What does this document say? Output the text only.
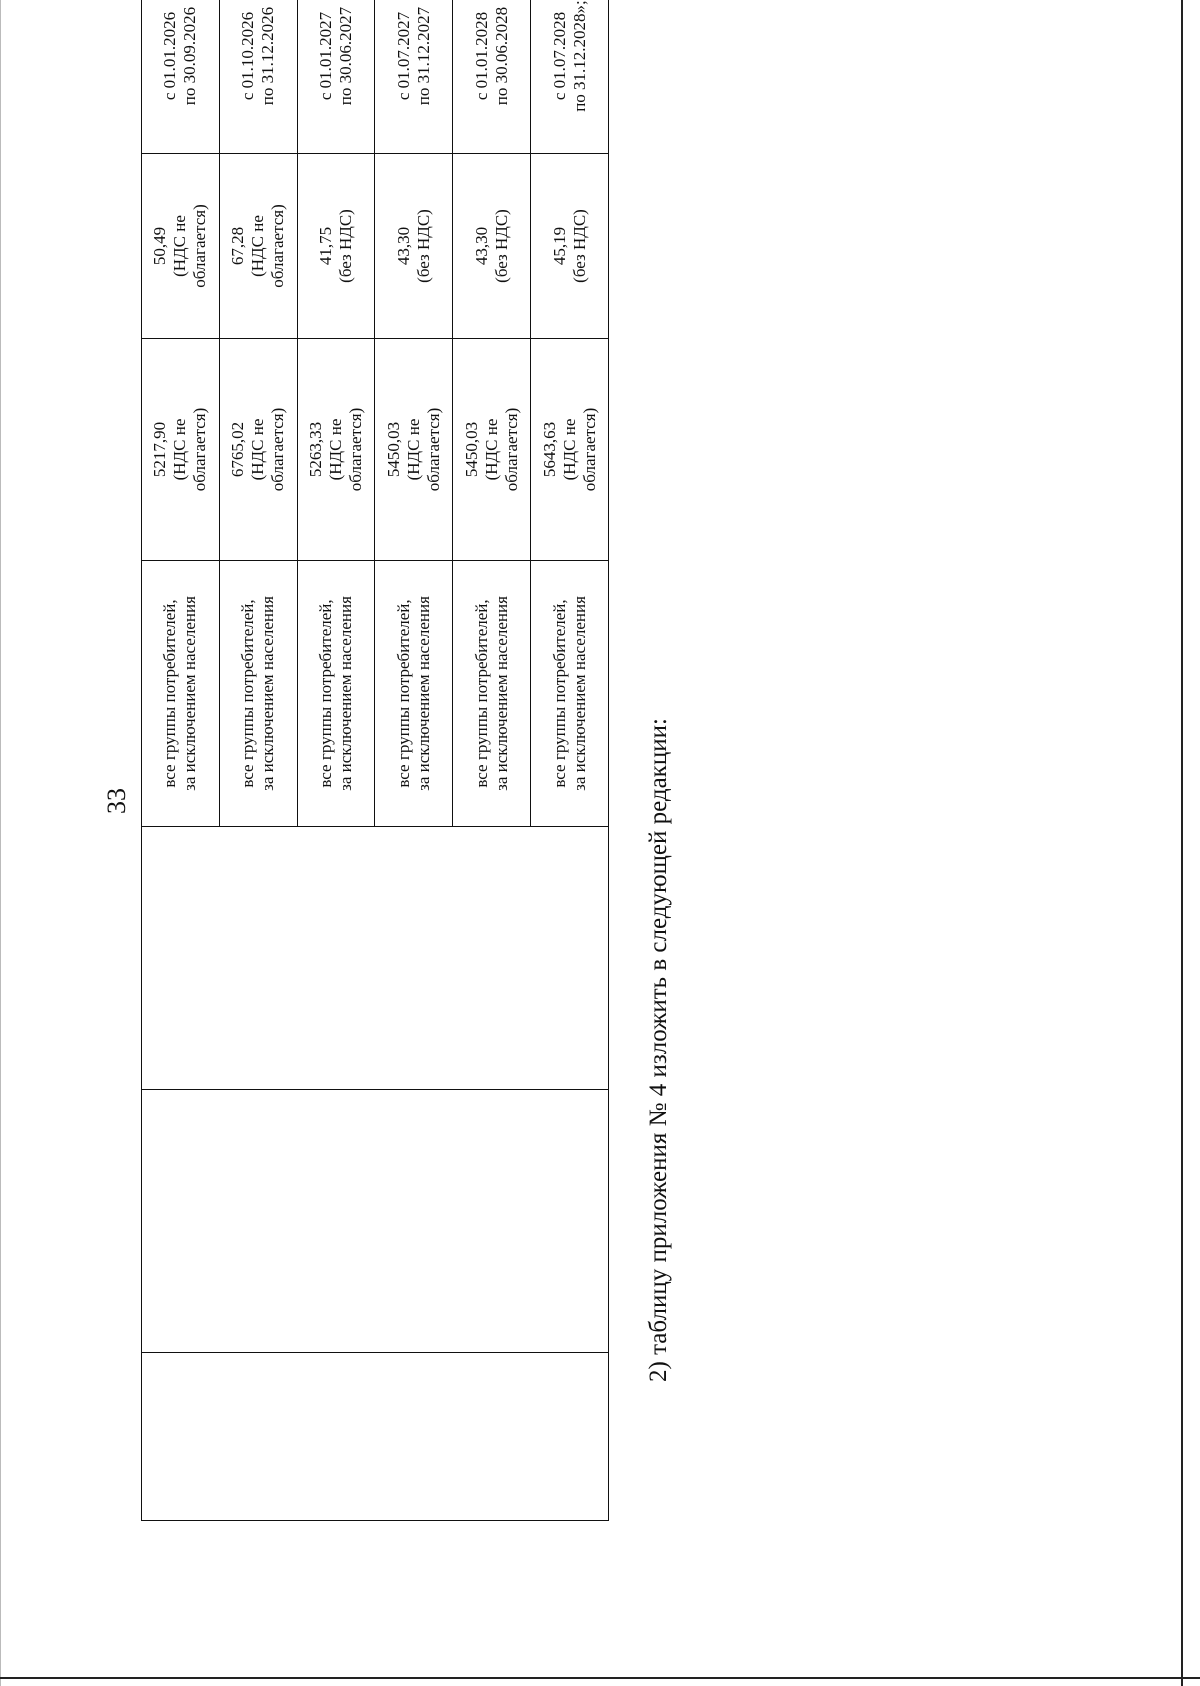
33

			все группы потребителей,
за исключением населения	5217,90
(НДС не
облагается)	50,49
(НДС не
облагается)	с 01.01.2026
по 30.09.2026

			все группы потребителей,
за исключением населения	6765,02
(НДС не
облагается)	67,28
(НДС не
облагается)	с 01.10.2026
по 31.12.2026

			все группы потребителей,
за исключением населения	5263,33
(НДС не
облагается)	41,75
(без НДС)	с 01.01.2027
по 30.06.2027

			все группы потребителей,
за исключением населения	5450,03
(НДС не
облагается)	43,30
(без НДС)	с 01.07.2027
по 31.12.2027

			все группы потребителей,
за исключением населения	5450,03
(НДС не
облагается)	43,30
(без НДС)	с 01.01.2028
по 30.06.2028

			все группы потребителей,
за исключением населения	5643,63
(НДС не
облагается)	45,19
(без НДС)	с 01.07.2028
по 31.12.2028»;
2) таблицу приложения № 4 изложить в следующей редакции:
